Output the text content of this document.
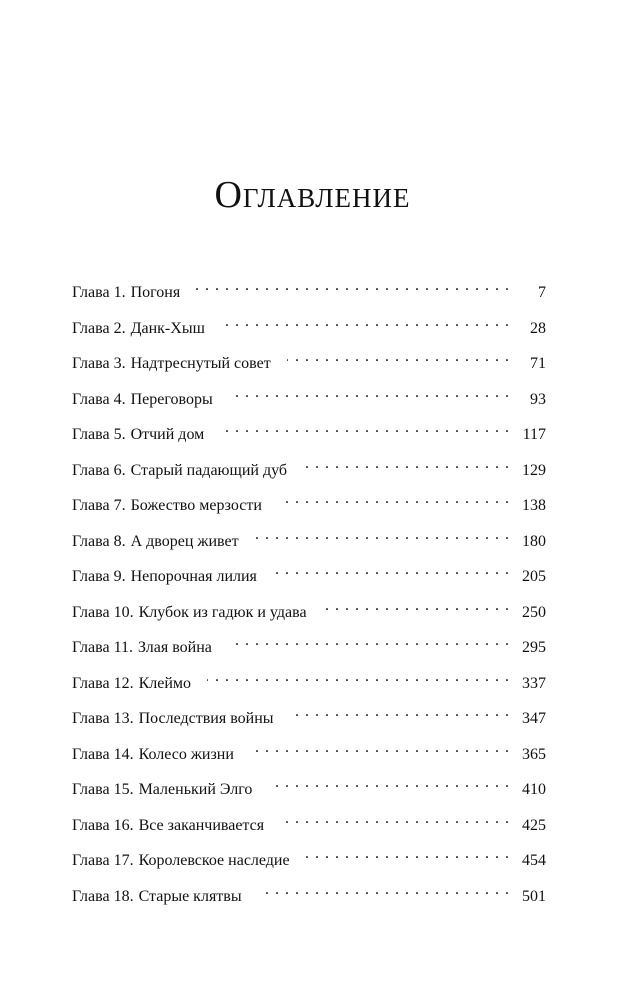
Оглавление
Глава 1. Погоня . . .	7
Глава 2. Данк-Хыш . . .	28
Глава 3. Надтреснутый совет . . .	71
Глава 4. Переговоры . . .	93
Глава 5. Отчий дом . . .	117
Глава 6. Старый падающий дуб . . .	129
Глава 7. Божество мерзости . . .	138
Глава 8. А дворец живет . . .	180
Глава 9. Непорочная лилия . . .	205
Глава 10. Клубок из гадюк и удава . . .	250
Глава 11. Злая война . . .	295
Глава 12. Клеймо . . .	337
Глава 13. Последствия войны . . .	347
Глава 14. Колесо жизни . . .	365
Глава 15. Маленький Элго . . .	410
Глава 16. Все заканчивается . . .	425
Глава 17. Королевское наследие . . .	454
Глава 18. Старые клятвы . . .	501
